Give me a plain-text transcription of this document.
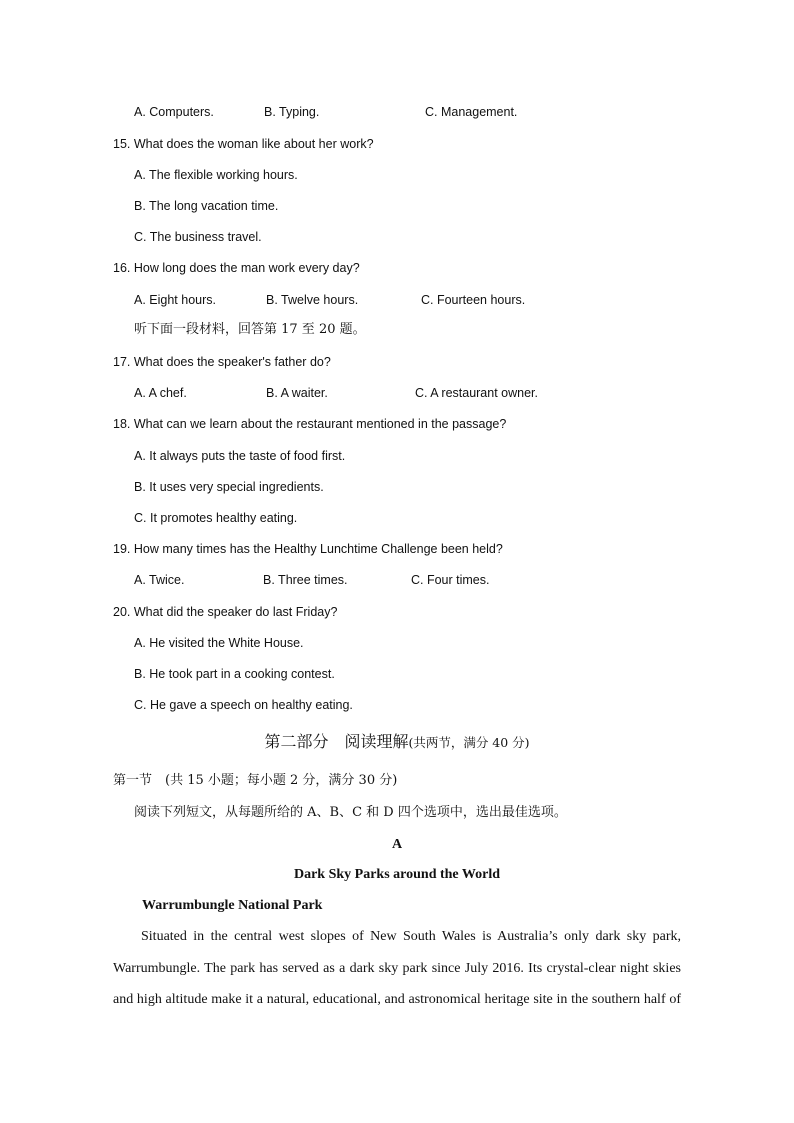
A. Computers.	B. Typing.	C. Management.
15. What does the woman like about her work?
A. The flexible working hours.
B. The long vacation time.
C. The business travel.
16. How long does the man work every day?
A. Eight hours.	B. Twelve hours.	C. Fourteen hours.
听下面一段材料，回答第 17 至 20 题。
17. What does the speaker's father do?
A. A chef.	B. A waiter.	C. A restaurant owner.
18. What can we learn about the restaurant mentioned in the passage?
A. It always puts the taste of food first.
B. It uses very special ingredients.
C. It promotes healthy eating.
19. How many times has the Healthy Lunchtime Challenge been held?
A. Twice.	B. Three times.	C. Four times.
20. What did the speaker do last Friday?
A. He visited the White House.
B. He took part in a cooking contest.
C. He gave a speech on healthy eating.
第二部分　阅读理解(共两节，满分 40 分)
第一节　(共 15 小题；每小题 2 分，满分 30 分)
阅读下列短文，从每题所给的 A、B、C 和 D 四个选项中，选出最佳选项。
A
Dark Sky Parks around the World
Warrumbungle National Park
Situated in the central west slopes of New South Wales is Australia’s only dark sky park,
Warrumbungle. The park has served as a dark sky park since July 2016. Its crystal-clear night skies
and high altitude make it a natural, educational, and astronomical heritage site in the southern half of
